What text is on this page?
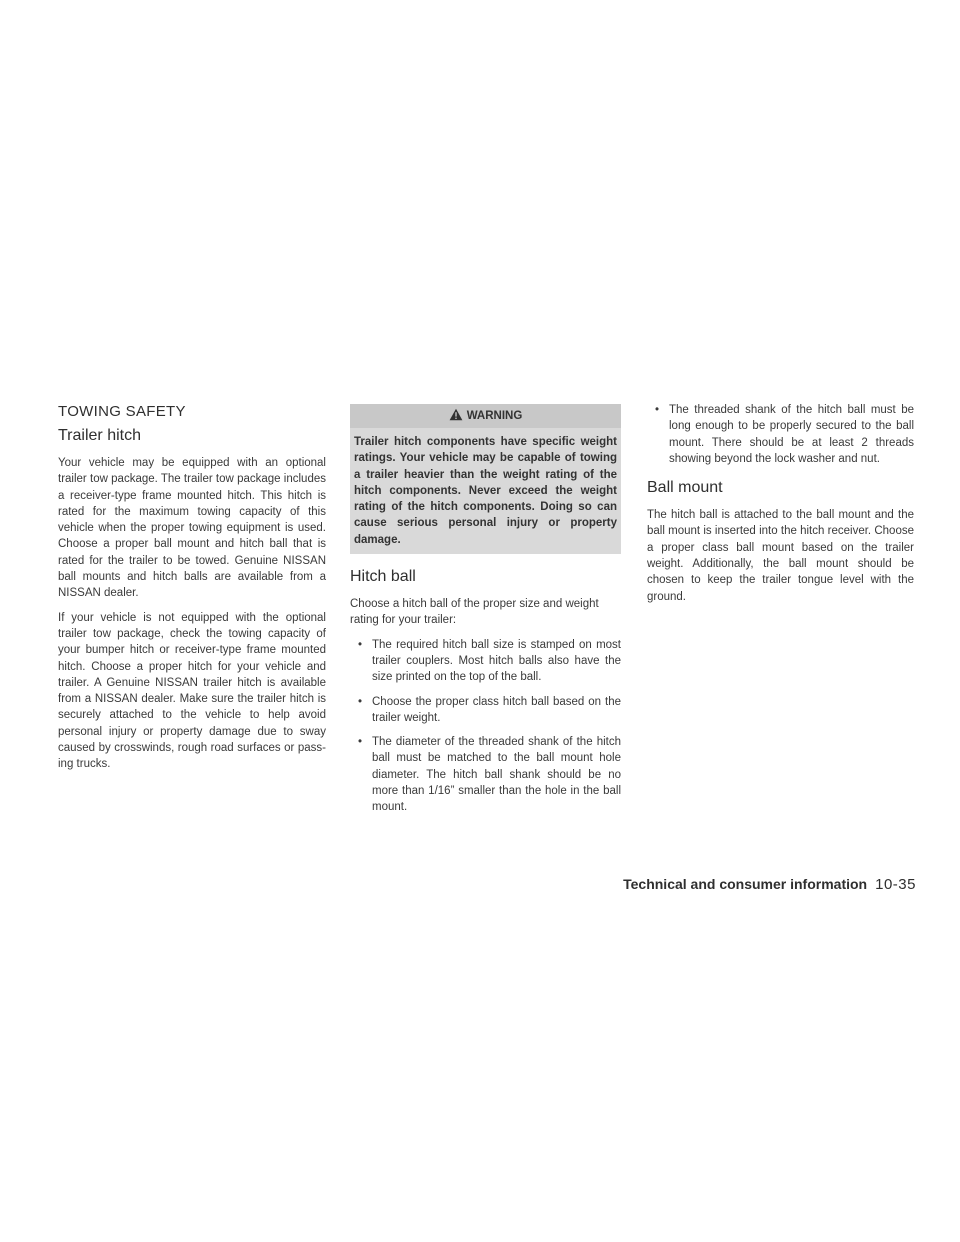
TOWING SAFETY
Trailer hitch

Your vehicle may be equipped with an optional trailer tow package. The trailer tow package includes a receiver-type frame mounted hitch. This hitch is rated for the maximum towing capacity of this vehicle when the proper towing equipment is used. Choose a proper ball mount and hitch ball that is rated for the trailer to be towed. Genuine NISSAN ball mounts and hitch balls are available from a NISSAN dealer.

If your vehicle is not equipped with the optional trailer tow package, check the towing capacity of your bumper hitch or receiver-type frame mounted hitch. Choose a proper hitch for your vehicle and trailer. A Genuine NISSAN trailer hitch is available from a NISSAN dealer. Make sure the trailer hitch is securely attached to the vehicle to help avoid personal injury or property damage due to sway caused by crosswinds, rough road surfaces or passing trucks.

WARNING
Trailer hitch components have specific weight ratings. Your vehicle may be capable of towing a trailer heavier than the weight rating of the hitch components. Never exceed the weight rating of the hitch components. Doing so can cause serious personal injury or property damage.
Hitch ball

Choose a hitch ball of the proper size and weight rating for your trailer:

• The required hitch ball size is stamped on most trailer couplers. Most hitch balls also have the size printed on the top of the ball.
• Choose the proper class hitch ball based on the trailer weight.
• The diameter of the threaded shank of the hitch ball must be matched to the ball mount hole diameter. The hitch ball shank should be no more than 1/16” smaller than the hole in the ball mount.
• The threaded shank of the hitch ball must be long enough to be properly secured to the ball mount. There should be at least 2 threads showing beyond the lock washer and nut.
Ball mount

The hitch ball is attached to the ball mount and the ball mount is inserted into the hitch receiver. Choose a proper class ball mount based on the trailer weight. Additionally, the ball mount should be chosen to keep the trailer tongue level with the ground.

Technical and consumer information 10-35
